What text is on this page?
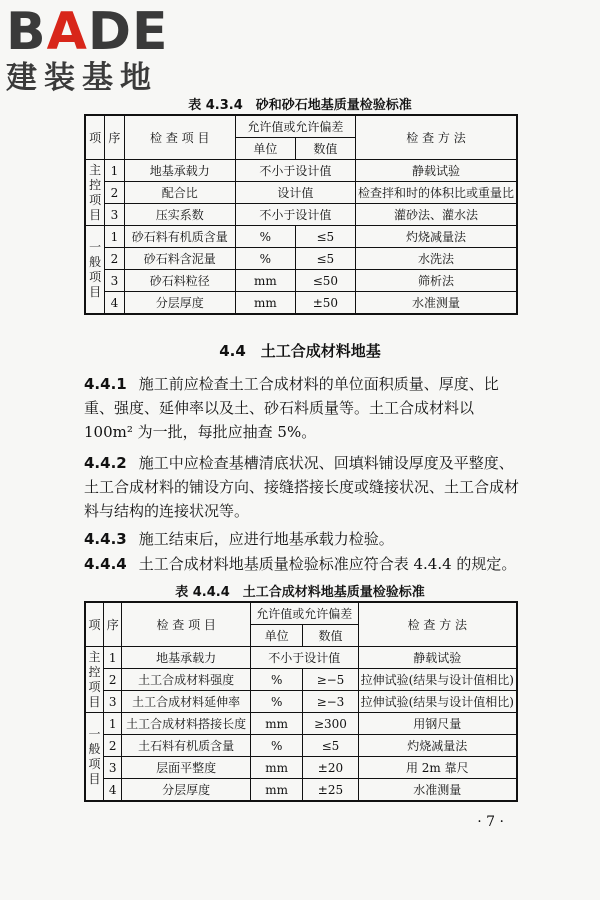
BADE
建装基地
表 4.3.4　砂和砂石地基质量检验标准
项	序	检 查 项 目	允许值或允许偏差		检 查 方 法
			单位	数值	
主控项目	1	地基承载力	不小于设计值		静载试验
	2	配合比	设计值		检查拌和时的体积比或重量比
	3	压实系数	不小于设计值		灌砂法、灌水法
一般项目	1	砂石料有机质含量	%	≤5	灼烧减量法
	2	砂石料含泥量	%	≤5	水洗法
	3	砂石料粒径	mm	≤50	筛析法
	4	分层厚度	mm	±50	水准测量
4.4　土工合成材料地基
4.4.1 施工前应检查土工合成材料的单位面积质量、厚度、比重、强度、延伸率以及土、砂石料质量等。土工合成材料以 100m² 为一批，每批应抽查 5%。
4.4.2 施工中应检查基槽清底状况、回填料铺设厚度及平整度、土工合成材料的铺设方向、接缝搭接长度或缝接状况、土工合成材料与结构的连接状况等。
4.4.3 施工结束后，应进行地基承载力检验。
4.4.4 土工合成材料地基质量检验标准应符合表 4.4.4 的规定。
表 4.4.4　土工合成材料地基质量检验标准
项	序	检 查 项 目	允许值或允许偏差		检 查 方 法
			单位	数值	
主控项目	1	地基承载力	不小于设计值		静载试验
	2	土工合成材料强度	%	≥−5	拉伸试验(结果与设计值相比)
	3	土工合成材料延伸率	%	≥−3	拉伸试验(结果与设计值相比)
一般项目	1	土工合成材料搭接长度	mm	≥300	用钢尺量
	2	土石料有机质含量	%	≤5	灼烧减量法
	3	层面平整度	mm	±20	用 2m 靠尺
	4	分层厚度	mm	±25	水准测量
· 7 ·
